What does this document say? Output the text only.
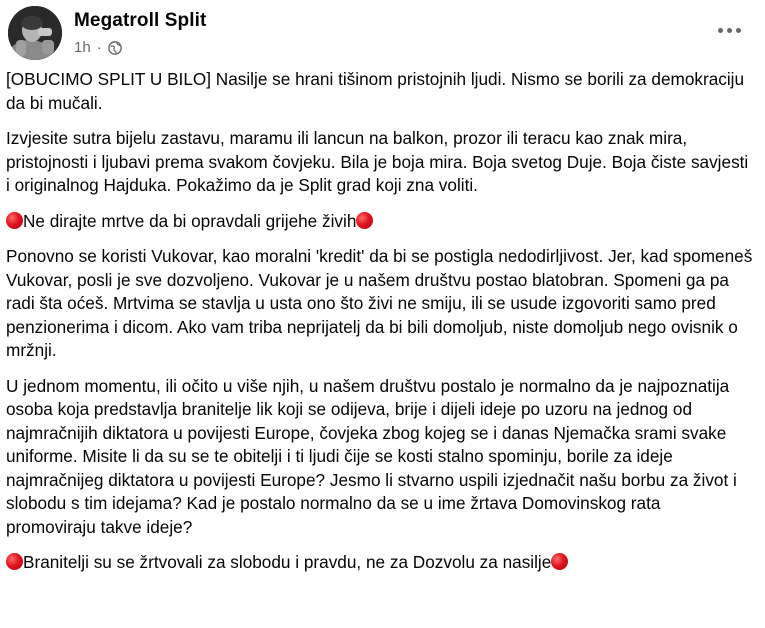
Megatroll Split
1h ·

[OBUCIMO SPLIT U BILO] Nasilje se hrani tišinom pristojnih ljudi. Nismo se borili za demokraciju da bi mučali.

Izvjesite sutra bijelu zastavu, maramu ili lancun na balkon, prozor ili teracu kao znak mira, pristojnosti i ljubavi prema svakom čovjeku. Bila je boja mira. Boja svetog Duje. Boja čiste savjesti i originalnog Hajduka. Pokažimo da je Split grad koji zna voliti.

Ne dirajte mrtve da bi opravdali grijehe živih

Ponovno se koristi Vukovar, kao moralni 'kredit' da bi se postigla nedodirljivost. Jer, kad spomeneš Vukovar, posli je sve dozvoljeno. Vukovar je u našem društvu postao blatobran. Spomeni ga pa radi šta oćeš. Mrtvima se stavlja u usta ono što živi ne smiju, ili se usude izgovoriti samo pred penzionerima i dicom. Ako vam triba neprijatelj da bi bili domoljub, niste domoljub nego ovisnik o mržnji.

U jednom momentu, ili očito u više njih, u našem društvu postalo je normalno da je najpoznatija osoba koja predstavlja branitelje lik koji se odijeva, brije i dijeli ideje po uzoru na jednog od najmračnijih diktatora u povijesti Europe, čovjeka zbog kojeg se i danas Njemačka srami svake uniforme. Misite li da su se te obitelji i ti ljudi čije se kosti stalno spominju, borile za ideje najmračnijeg diktatora u povijesti Europe? Jesmo li stvarno uspili izjednačit našu borbu za život i slobodu s tim idejama? Kad je postalo normalno da se u ime žrtava Domovinskog rata promoviraju takve ideje?

Branitelji su se žrtvovali za slobodu i pravdu, ne za Dozvolu za nasilje
